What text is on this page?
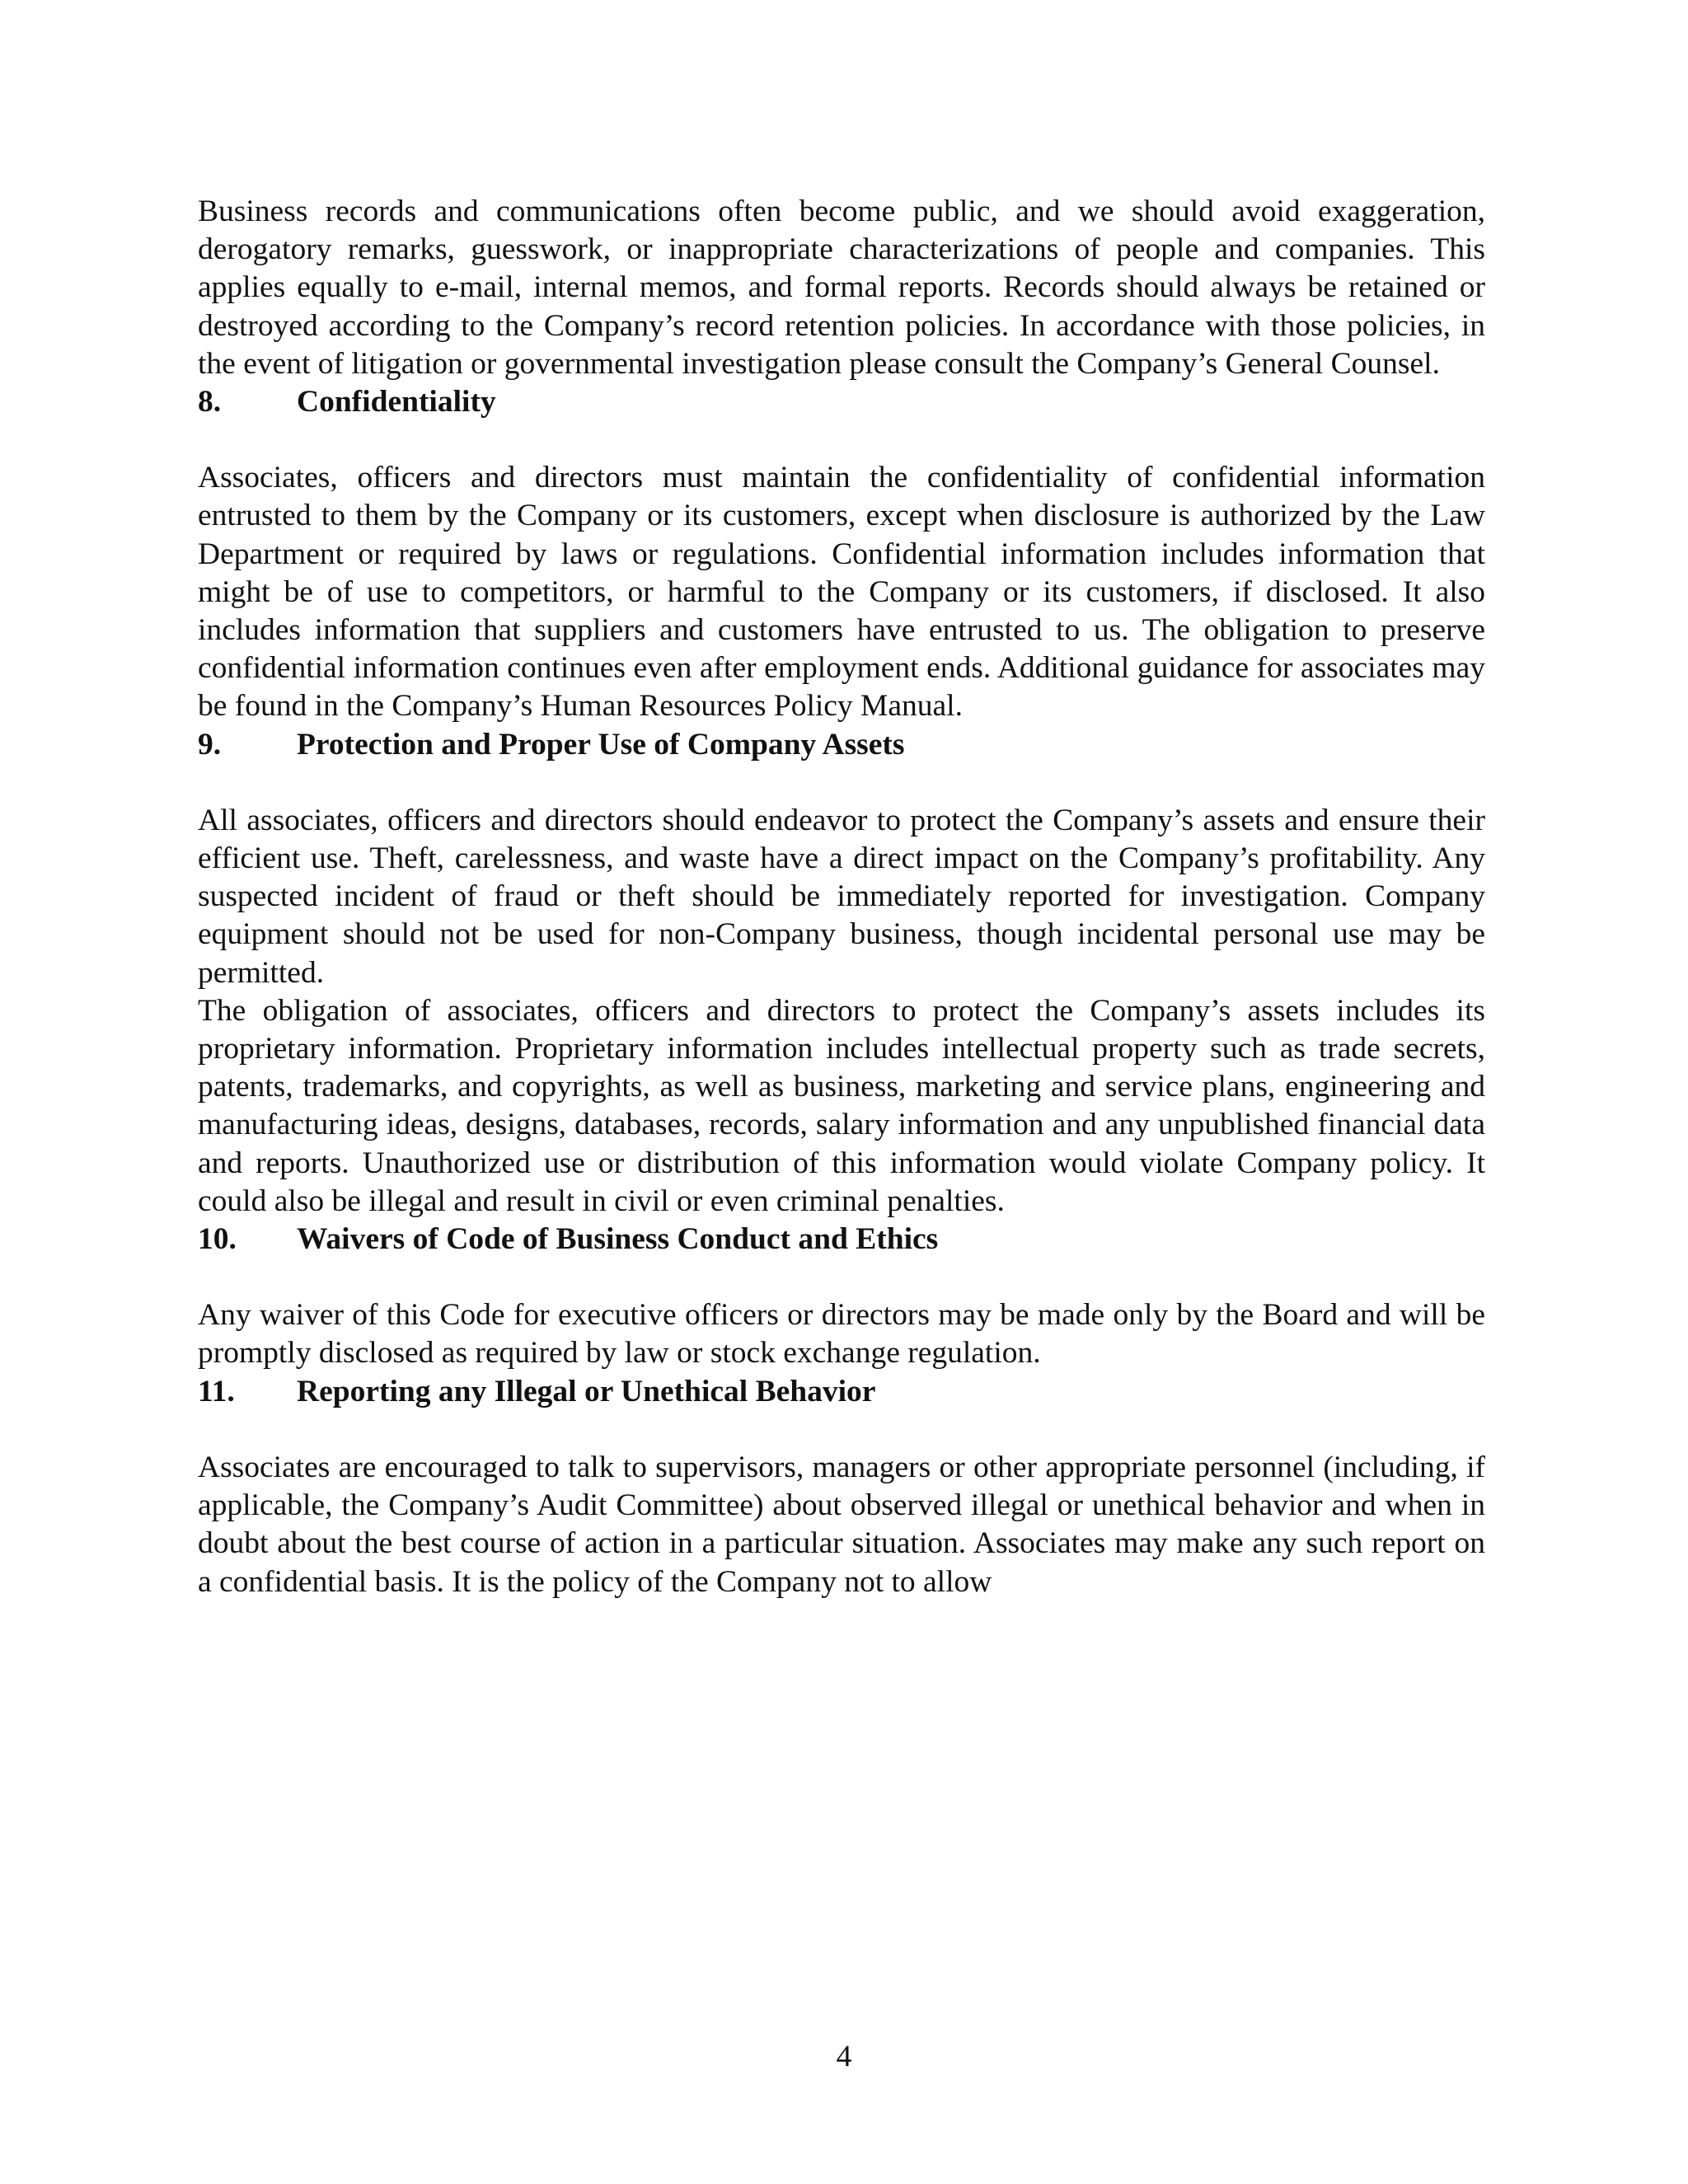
Business records and communications often become public, and we should avoid exaggeration, derogatory remarks, guesswork, or inappropriate characterizations of people and companies. This applies equally to e-mail, internal memos, and formal reports. Records should always be retained or destroyed according to the Company’s record retention policies. In accordance with those policies, in the event of litigation or governmental investigation please consult the Company’s General Counsel.

8. Confidentiality

Associates, officers and directors must maintain the confidentiality of confidential information entrusted to them by the Company or its customers, except when disclosure is authorized by the Law Department or required by laws or regulations. Confidential information includes information that might be of use to competitors, or harmful to the Company or its customers, if disclosed. It also includes information that suppliers and customers have entrusted to us. The obligation to preserve confidential information continues even after employment ends. Additional guidance for associates may be found in the Company’s Human Resources Policy Manual.

9. Protection and Proper Use of Company Assets

All associates, officers and directors should endeavor to protect the Company’s assets and ensure their efficient use. Theft, carelessness, and waste have a direct impact on the Company’s profitability. Any suspected incident of fraud or theft should be immediately reported for investigation. Company equipment should not be used for non-Company business, though incidental personal use may be permitted.

The obligation of associates, officers and directors to protect the Company’s assets includes its proprietary information. Proprietary information includes intellectual property such as trade secrets, patents, trademarks, and copyrights, as well as business, marketing and service plans, engineering and manufacturing ideas, designs, databases, records, salary information and any unpublished financial data and reports. Unauthorized use or distribution of this information would violate Company policy. It could also be illegal and result in civil or even criminal penalties.

10. Waivers of Code of Business Conduct and Ethics

Any waiver of this Code for executive officers or directors may be made only by the Board and will be promptly disclosed as required by law or stock exchange regulation.

11. Reporting any Illegal or Unethical Behavior

Associates are encouraged to talk to supervisors, managers or other appropriate personnel (including, if applicable, the Company’s Audit Committee) about observed illegal or unethical behavior and when in doubt about the best course of action in a particular situation. Associates may make any such report on a confidential basis. It is the policy of the Company not to allow

4
